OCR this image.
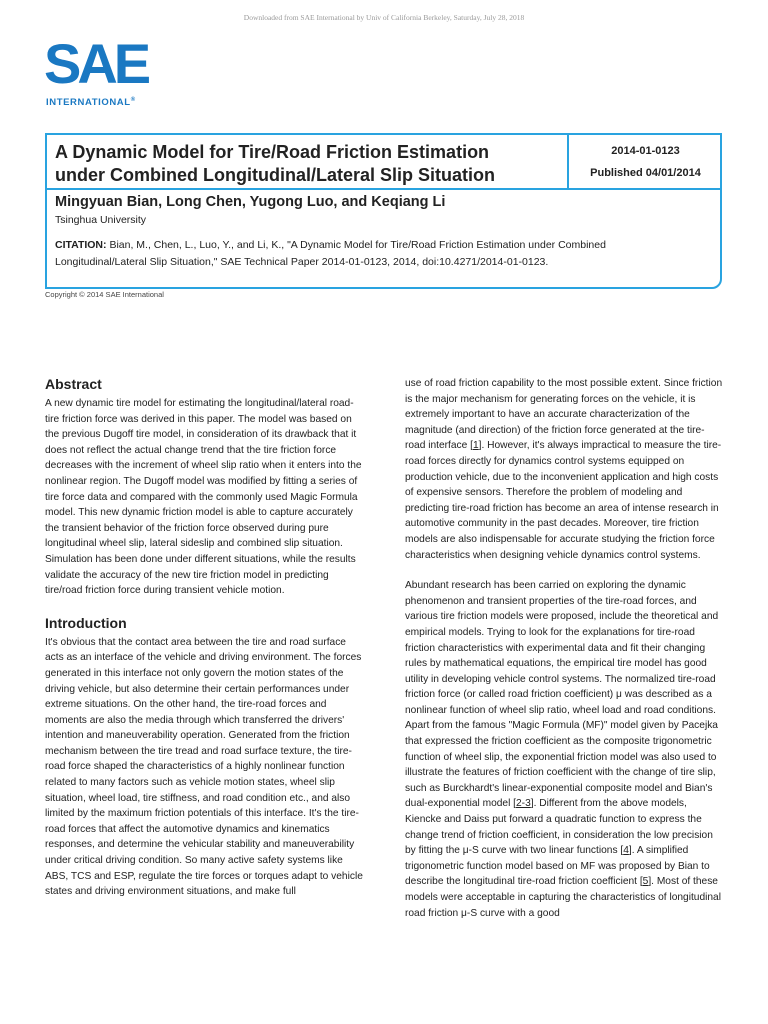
Downloaded from SAE International by Univ of California Berkeley, Saturday, July 28, 2018
SAE
INTERNATIONAL®
A Dynamic Model for Tire/Road Friction Estimation
under Combined Longitudinal/Lateral Slip Situation
2014-01-0123
Published 04/01/2014
Mingyuan Bian, Long Chen, Yugong Luo, and Keqiang Li
Tsinghua University
CITATION: Bian, M., Chen, L., Luo, Y., and Li, K., "A Dynamic Model for Tire/Road Friction Estimation under Combined Longitudinal/Lateral Slip Situation," SAE Technical Paper 2014-01-0123, 2014, doi:10.4271/2014-01-0123.
Copyright © 2014 SAE International
Abstract

A new dynamic tire model for estimating the longitudinal/lateral road-tire friction force was derived in this paper. The model was based on the previous Dugoff tire model, in consideration of its drawback that it does not reflect the actual change trend that the tire friction force decreases with the increment of wheel slip ratio when it enters into the nonlinear region. The Dugoff model was modified by fitting a series of tire force data and compared with the commonly used Magic Formula model. This new dynamic friction model is able to capture accurately the transient behavior of the friction force observed during pure longitudinal wheel slip, lateral sideslip and combined slip situation. Simulation has been done under different situations, while the results validate the accuracy of the new tire friction model in predicting tire/road friction force during transient vehicle motion.

Introduction

It's obvious that the contact area between the tire and road surface acts as an interface of the vehicle and driving environment. The forces generated in this interface not only govern the motion states of the driving vehicle, but also determine their certain performances under extreme situations. On the other hand, the tire-road forces and moments are also the media through which transferred the drivers' intention and maneuverability operation. Generated from the friction mechanism between the tire tread and road surface texture, the tire-road force shaped the characteristics of a highly nonlinear function related to many factors such as vehicle motion states, wheel slip situation, wheel load, tire stiffness, and road condition etc., and also limited by the maximum friction potentials of this interface. It's the tire-road forces that affect the automotive dynamics and kinematics responses, and determine the vehicular stability and maneuverability under critical driving condition. So many active safety systems like ABS, TCS and ESP, regulate the tire forces or torques adapt to vehicle states and driving environment situations, and make full

use of road friction capability to the most possible extent. Since friction is the major mechanism for generating forces on the vehicle, it is extremely important to have an accurate characterization of the magnitude (and direction) of the friction force generated at the tire-road interface [1]. However, it's always impractical to measure the tire-road forces directly for dynamics control systems equipped on production vehicle, due to the inconvenient application and high costs of expensive sensors. Therefore the problem of modeling and predicting tire-road friction has become an area of intense research in automotive community in the past decades. Moreover, tire friction models are also indispensable for accurate studying the friction force characteristics when designing vehicle dynamics control systems.

Abundant research has been carried on exploring the dynamic phenomenon and transient properties of the tire-road forces, and various tire friction models were proposed, include the theoretical and empirical models. Trying to look for the explanations for tire-road friction characteristics with experimental data and fit their changing rules by mathematical equations, the empirical tire model has good utility in developing vehicle control systems. The normalized tire-road friction force (or called road friction coefficient) μ was described as a nonlinear function of wheel slip ratio, wheel load and road conditions. Apart from the famous "Magic Formula (MF)" model given by Pacejka that expressed the friction coefficient as the composite trigonometric function of wheel slip, the exponential friction model was also used to illustrate the features of friction coefficient with the change of tire slip, such as Burckhardt's linear-exponential composite model and Bian's dual-exponential model [2-3]. Different from the above models, Kiencke and Daiss put forward a quadratic function to express the change trend of friction coefficient, in consideration the low precision by fitting the μ-S curve with two linear functions [4]. A simplified trigonometric function model based on MF was proposed by Bian to describe the longitudinal tire-road friction coefficient [5]. Most of these models were acceptable in capturing the characteristics of longitudinal road friction μ-S curve with a good
